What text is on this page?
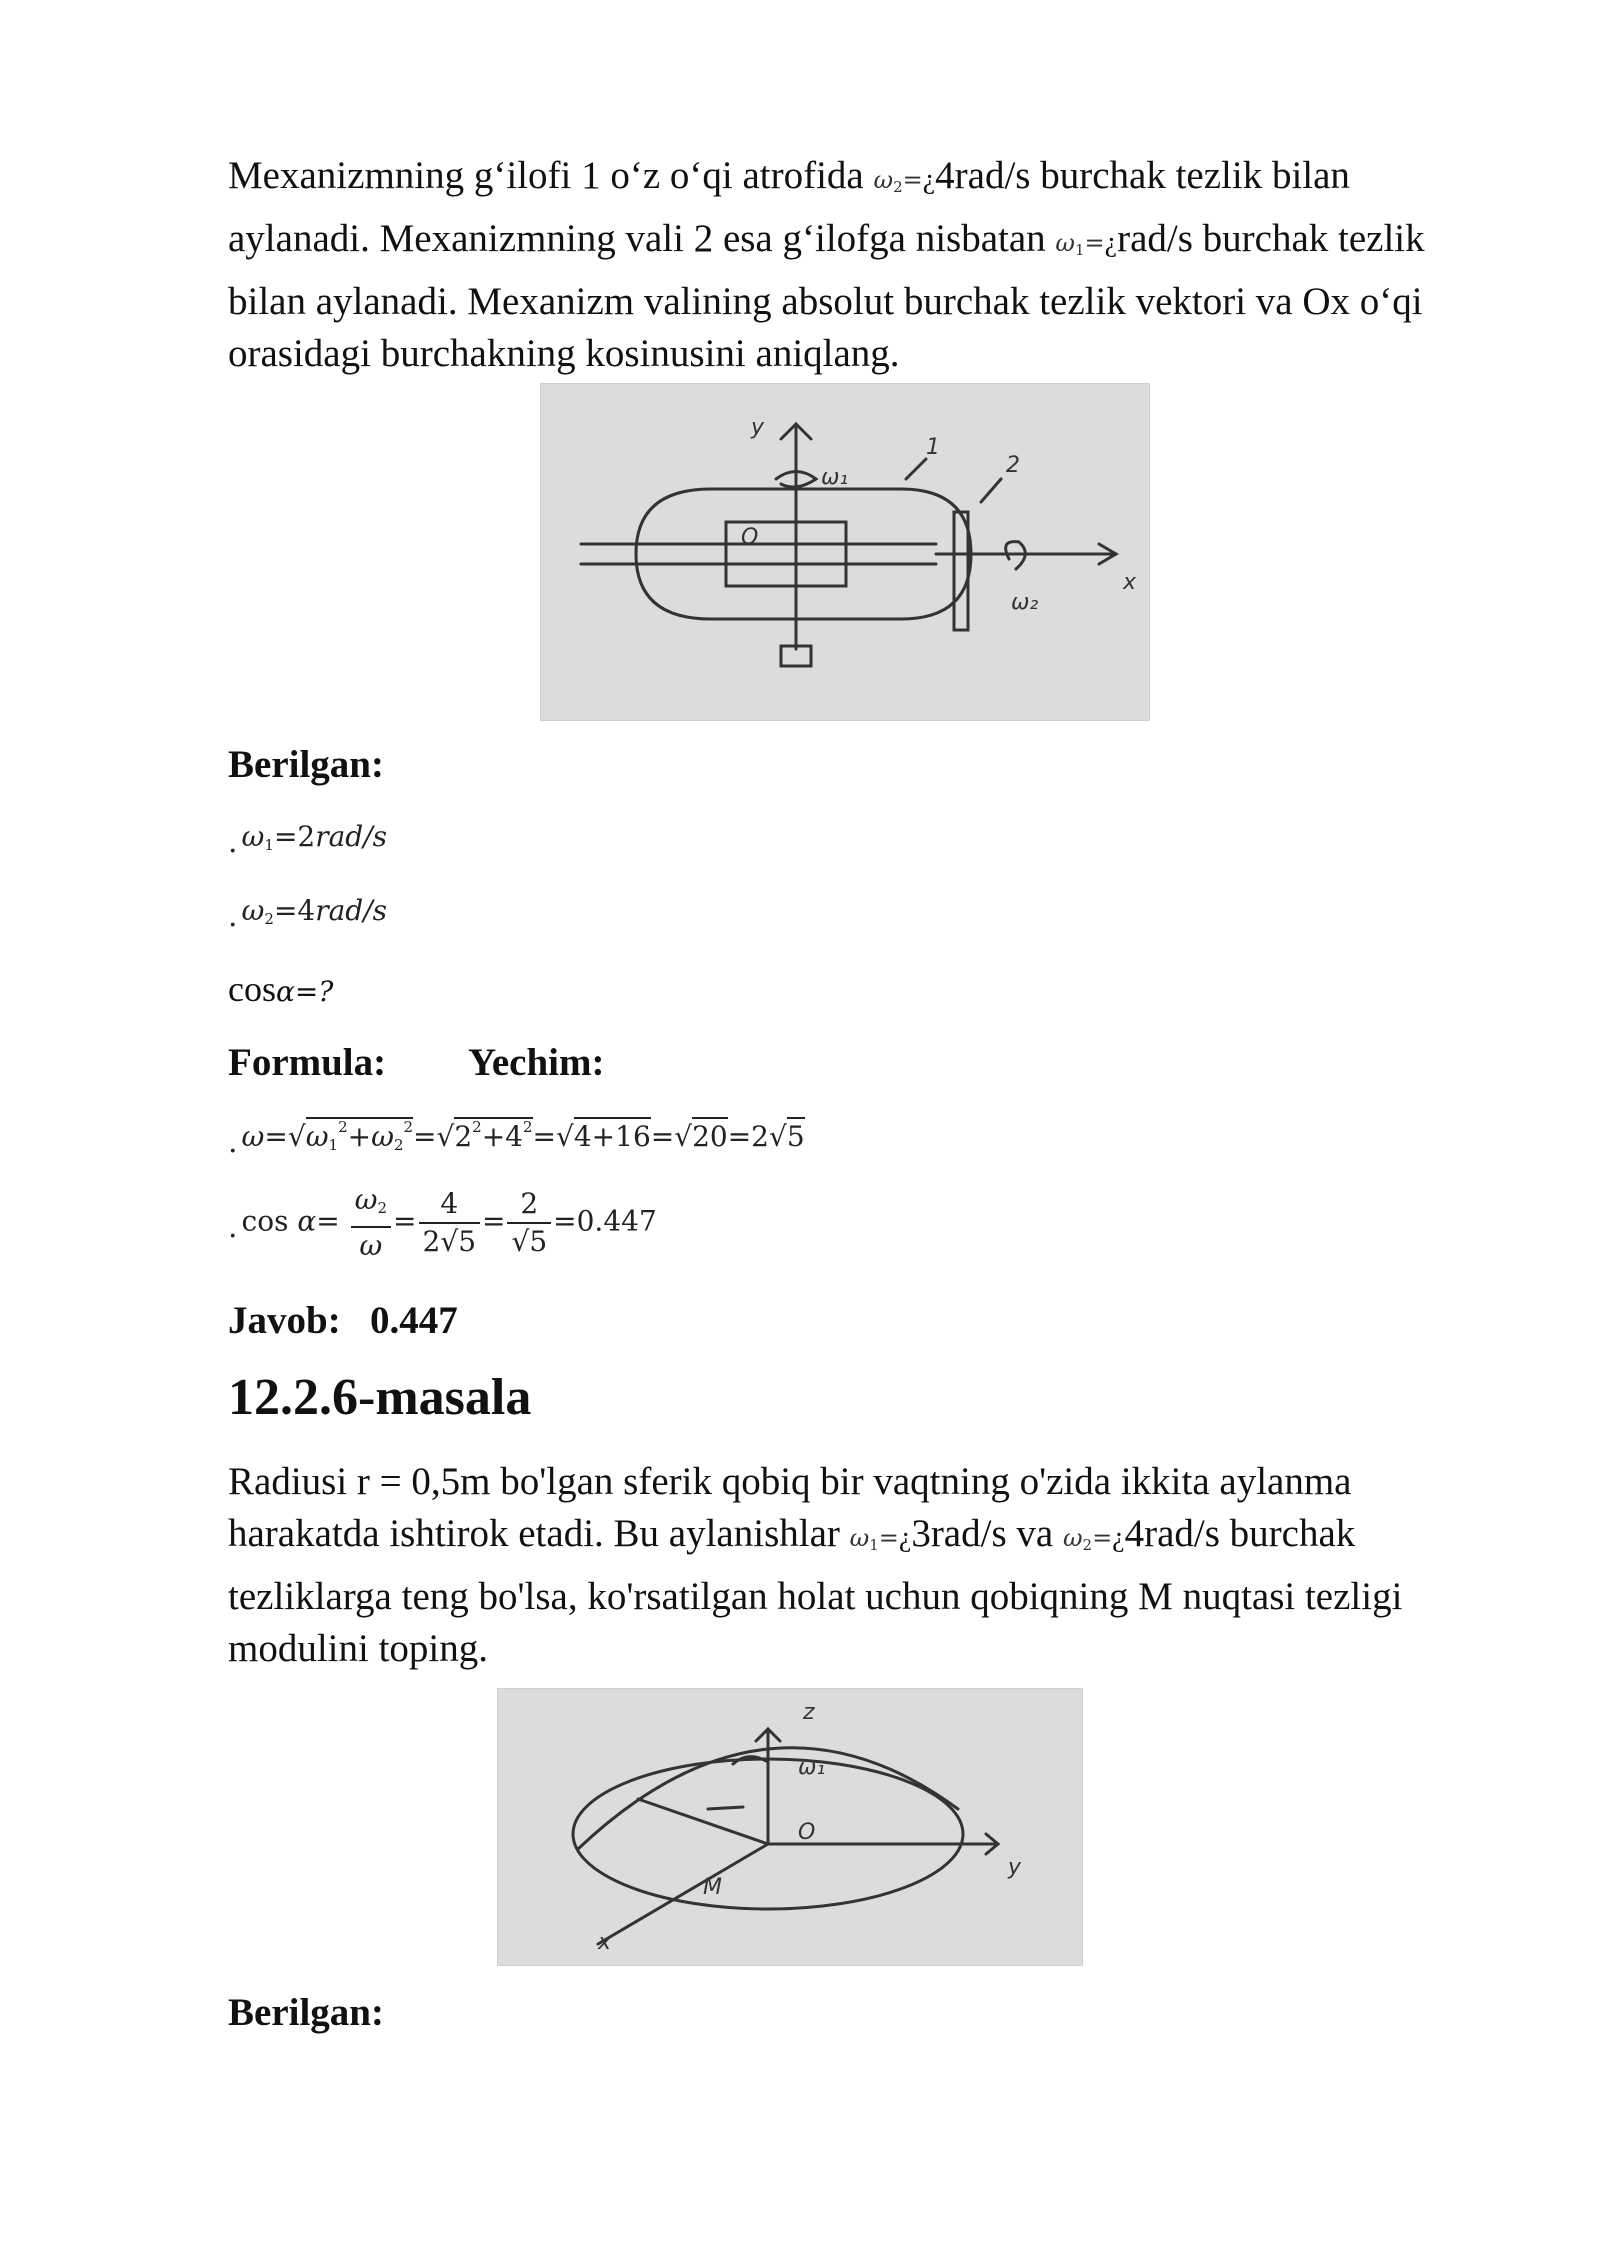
Mexanizmning g‘ilofi 1 o‘z o‘qi atrofida $\omega_2=¿4rad/s$ burchak tezlik bilan aylanadi. Mexanizmning vali 2 esa g‘ilofga nisbatan $\omega_1=¿rad/s$ burchak tezlik bilan aylanadi. Mexanizm valining absolut burchak tezlik vektori va Ox o‘qi orasidagi burchakning kosinusini aniqlang.

y
x
ω₁
ω₂
O
1
2

Berilgan:

. $\omega_1=2rad/s$
. $\omega_2=4rad/s$
cosα=?

Formula: Yechim:

. $\omega=√\omega_1^2+\omega_2^2=√2^2+4^2=√4+16=√20=2√5$
. $\cos \alpha= \frac{\omega_2}{\omega} = \frac{4}{2√5} = \frac{2}{√5} =0.447$

Javob: 0.447

12.2.6-masala

Radiusi r = 0,5m bo'lgan sferik qobiq bir vaqtning o'zida ikkita aylanma harakatda ishtirok etadi. Bu aylanishlar $\omega_1=¿3rad/s$ va $\omega_2=¿4rad/s$ burchak tezliklarga teng bo'lsa, ko'rsatilgan holat uchun qobiqning M nuqtasi tezligi modulini toping.

z
y
x
O
M
ω₁

Berilgan:
